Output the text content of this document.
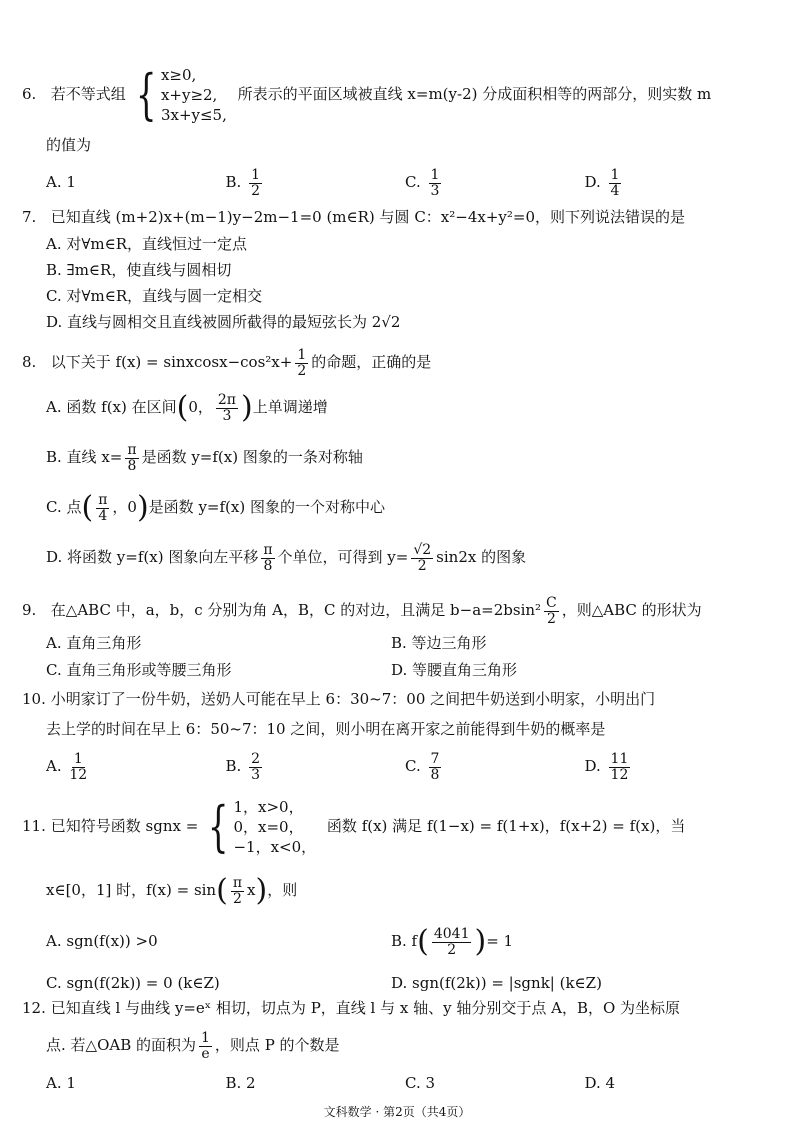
6. 若不等式组 { x≥0,
x+y≥2,
3x+y≤5,
所表示的平面区域被直线 x=m(y-2) 分成面积相等的两部分，则实数 m
的值为
A. 1	B. $\frac{1}{2}$	C. $\frac{1}{3}$	D. $\frac{1}{4}$
7. 已知直线 (m+2)x+(m−1)y−2m−1=0 (m∈R) 与圆 C：x²−4x+y²=0，则下列说法错误的是
A. 对∀m∈R，直线恒过一定点
B. ∃m∈R，使直线与圆相切
C. 对∀m∈R，直线与圆一定相交
D. 直线与圆相交且直线被圆所截得的最短弦长为 2√2
8. 以下关于 f(x) = sinxcosx−cos²x+ $\frac{1}{2}$ 的命题，正确的是
A. 函数 f(x) 在区间(0， $\frac{2\pi}{3}$ )上单调递增
B. 直线 $x= \frac{\pi}{8}$ 是函数 y=f(x) 图象的一条对称轴
C. 点( $\frac{\pi}{4}$ ，0)是函数 y=f(x) 图象的一个对称中心
D. 将函数 y=f(x) 图象向左平移 $\frac{\pi}{8}$ 个单位，可得到 $y= \frac{√2}{2} \sin 2x$ 的图象
9. 在△ABC 中，a，b，c 分别为角 A，B，C 的对边，且满足 $b-a=2bsin^2 \frac{C}{2}$ ，则△ABC 的形状为
A. 直角三角形	B. 等边三角形
C. 直角三角形或等腰三角形	D. 等腰直角三角形
10. 小明家订了一份牛奶，送奶人可能在早上 6：30~7：00 之间把牛奶送到小明家，小明出门
去上学的时间在早上 6：50~7：10 之间，则小明在离开家之前能得到牛奶的概率是
A. $\frac{1}{12}$	B. $\frac{2}{3}$	C. $\frac{7}{8}$	D. $\frac{11}{12}$
11. 已知符号函数 sgnx = { 1，x>0，
0，x=0，
−1，x<0，
函数 f(x) 满足 f(1−x) = f(1+x)，f(x+2) = f(x)，当
x∈[0，1] 时，$f(x) = \sin( \frac{\pi}{2} x)$，则
A. sgn(f(x)) >0	B. $f( \frac{4041}{2}$ )= 1
C. sgn(f(2k)) = 0 (k∈Z)	D. sgn(f(2k)) = |sgnk| (k∈Z)
12. 已知直线 l 与曲线 y=eˣ 相切，切点为 P，直线 l 与 x 轴、y 轴分别交于点 A，B，O 为坐标原
点. 若△OAB 的面积为 $\frac{1}{e}$ ，则点 P 的个数是
A. 1	B. 2	C. 3	D. 4
文科数学 · 第2页（共4页）
